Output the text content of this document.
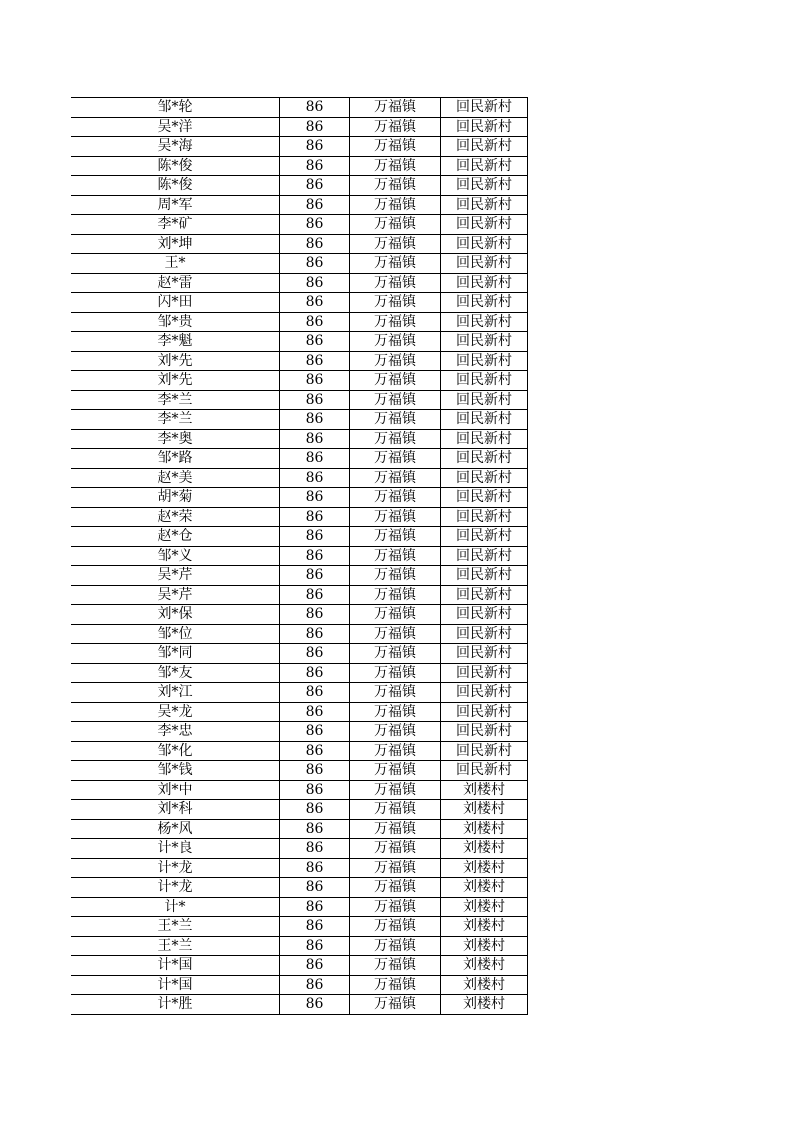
邹*轮	86	万福镇	回民新村
吴*洋	86	万福镇	回民新村
吴*海	86	万福镇	回民新村
陈*俊	86	万福镇	回民新村
陈*俊	86	万福镇	回民新村
周*军	86	万福镇	回民新村
李*矿	86	万福镇	回民新村
刘*坤	86	万福镇	回民新村
王*	86	万福镇	回民新村
赵*雷	86	万福镇	回民新村
闪*田	86	万福镇	回民新村
邹*贵	86	万福镇	回民新村
李*魁	86	万福镇	回民新村
刘*先	86	万福镇	回民新村
刘*先	86	万福镇	回民新村
李*兰	86	万福镇	回民新村
李*兰	86	万福镇	回民新村
李*奥	86	万福镇	回民新村
邹*路	86	万福镇	回民新村
赵*美	86	万福镇	回民新村
胡*菊	86	万福镇	回民新村
赵*荣	86	万福镇	回民新村
赵*仓	86	万福镇	回民新村
邹*义	86	万福镇	回民新村
吴*芹	86	万福镇	回民新村
吴*芹	86	万福镇	回民新村
刘*保	86	万福镇	回民新村
邹*位	86	万福镇	回民新村
邹*同	86	万福镇	回民新村
邹*友	86	万福镇	回民新村
刘*江	86	万福镇	回民新村
吴*龙	86	万福镇	回民新村
李*忠	86	万福镇	回民新村
邹*化	86	万福镇	回民新村
邹*钱	86	万福镇	回民新村
刘*中	86	万福镇	刘楼村
刘*科	86	万福镇	刘楼村
杨*风	86	万福镇	刘楼村
计*良	86	万福镇	刘楼村
计*龙	86	万福镇	刘楼村
计*龙	86	万福镇	刘楼村
计*	86	万福镇	刘楼村
王*兰	86	万福镇	刘楼村
王*兰	86	万福镇	刘楼村
计*国	86	万福镇	刘楼村
计*国	86	万福镇	刘楼村
计*胜	86	万福镇	刘楼村
